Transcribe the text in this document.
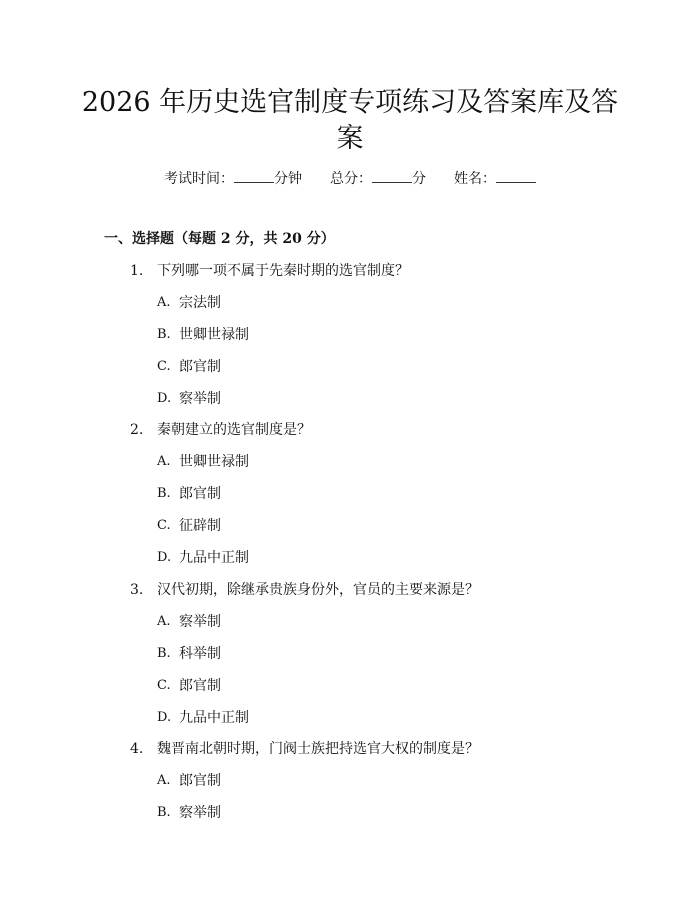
2026 年历史选官制度专项练习及答案库及答
案
考试时间：	分钟 总分：	分 姓名：
一、选择题（每题 2 分，共 20 分）
1. 下列哪一项不属于先秦时期的选官制度？
A. 宗法制
B. 世卿世禄制
C. 郎官制
D. 察举制
2. 秦朝建立的选官制度是？
A. 世卿世禄制
B. 郎官制
C. 征辟制
D. 九品中正制
3. 汉代初期，除继承贵族身份外，官员的主要来源是？
A. 察举制
B. 科举制
C. 郎官制
D. 九品中正制
4. 魏晋南北朝时期，门阀士族把持选官大权的制度是？
A. 郎官制
B. 察举制
